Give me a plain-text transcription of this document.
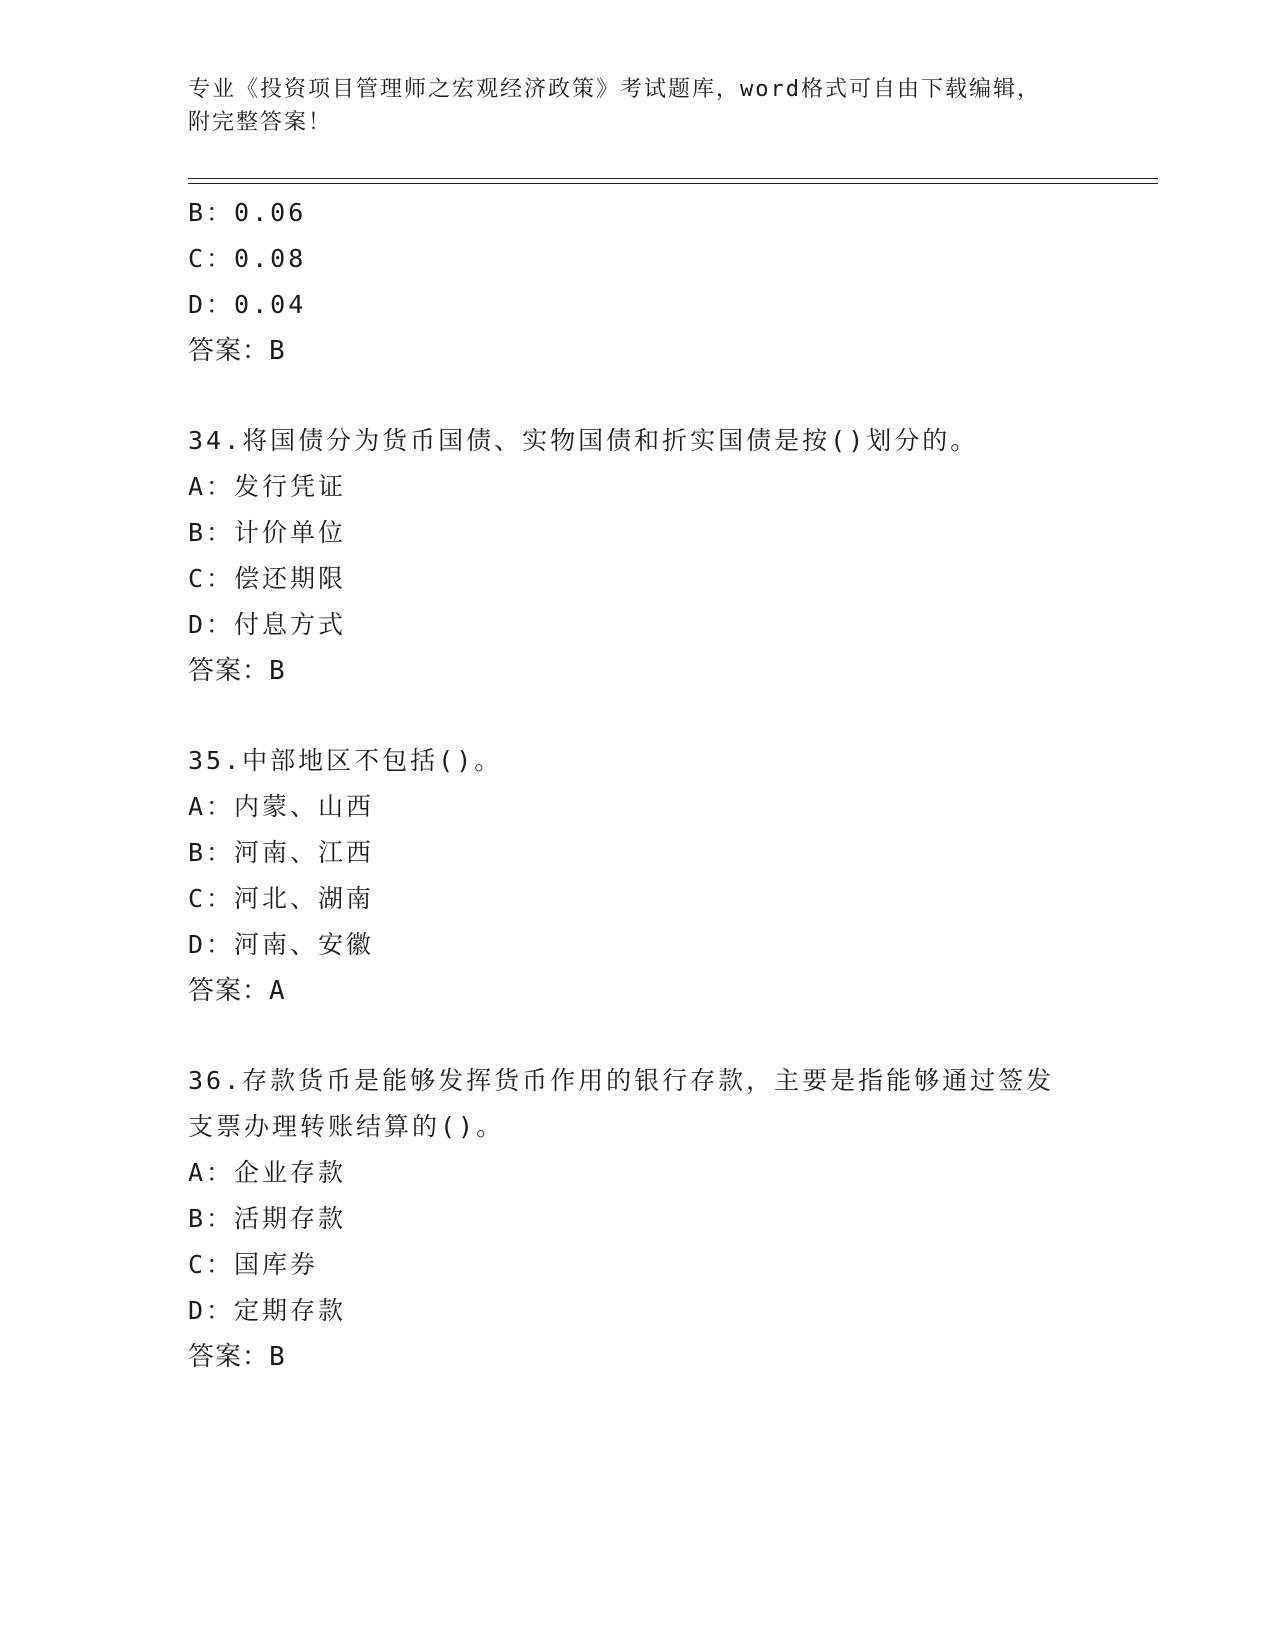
专业《投资项目管理师之宏观经济政策》考试题库，word格式可自由下载编辑，
附完整答案！
B：0.06
C：0.08
D：0.04
答案：B
34.将国债分为货币国债、实物国债和折实国债是按()划分的。
A：发行凭证
B：计价单位
C：偿还期限
D：付息方式
答案：B
35.中部地区不包括()。
A：内蒙、山西
B：河南、江西
C：河北、湖南
D：河南、安徽
答案：A
36.存款货币是能够发挥货币作用的银行存款，主要是指能够通过签发
支票办理转账结算的()。
A：企业存款
B：活期存款
C：国库券
D：定期存款
答案：B
